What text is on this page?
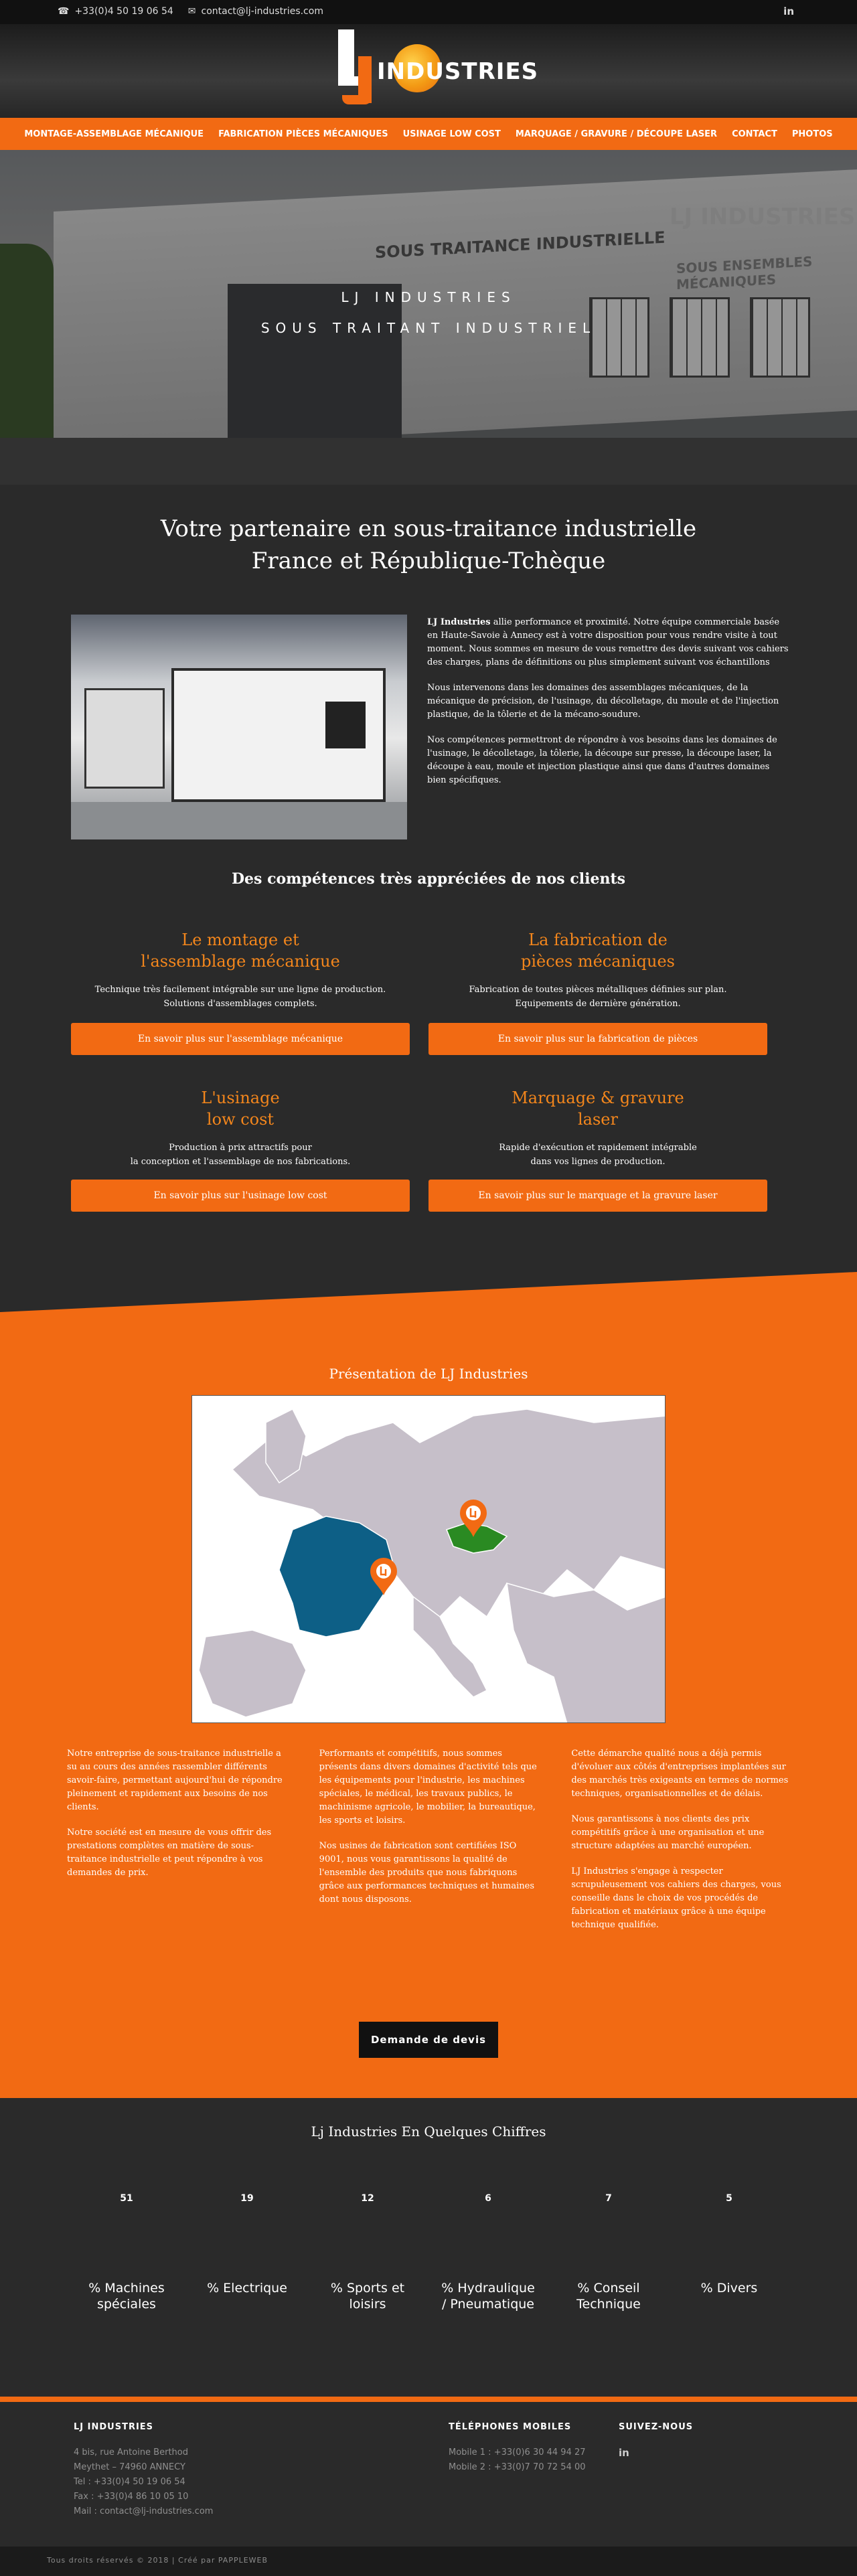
☎ +33(0)4 50 19 06 54 ✉ contact@lj-industries.com	in
INDUSTRIES
MONTAGE-ASSEMBLAGE MÉCANIQUE FABRICATION PIÈCES MÉCANIQUES USINAGE LOW COST MARQUAGE / GRAVURE / DÉCOUPE LASER CONTACT PHOTOS
LJ INDUSTRIES
SOUS TRAITANCE INDUSTRIELLE
SOUS ENSEMBLES MÉCANIQUES
LJ INDUSTRIES
SOUS TRAITANT INDUSTRIEL
Votre partenaire en sous-traitance industrielle
France et République-Tchèque

LJ Industries allie performance et proximité. Notre équipe commerciale basée en Haute-Savoie à Annecy est à votre disposition pour vous rendre visite à tout moment. Nous sommes en mesure de vous remettre des devis suivant vos cahiers des charges, plans de définitions ou plus simplement suivant vos échantillons

Nous intervenons dans les domaines des assemblages mécaniques, de la mécanique de précision, de l'usinage, du décolletage, du moule et de l'injection plastique, de la tôlerie et de la mécano-soudure.

Nos compétences permettront de répondre à vos besoins dans les domaines de l'usinage, le décolletage, la tôlerie, la découpe sur presse, la découpe laser, la découpe à eau, moule et injection plastique ainsi que dans d'autres domaines bien spécifiques.

Des compétences très appréciées de nos clients
Le montage et
l'assemblage mécanique

Technique très facilement intégrable sur une ligne de production.
Solutions d'assemblages complets.

En savoir plus sur l'assemblage mécanique
La fabrication de
pièces mécaniques

Fabrication de toutes pièces métalliques définies sur plan.
Equipements de dernière génération.

En savoir plus sur la fabrication de pièces
L'usinage
low cost

Production à prix attractifs pour
la conception et l'assemblage de nos fabrications.

En savoir plus sur l'usinage low cost
Marquage & gravure
laser

Rapide d'exécution et rapidement intégrable
dans vos lignes de production.

En savoir plus sur le marquage et la gravure laser
Présentation de LJ Industries

Notre entreprise de sous-traitance industrielle a su au cours des années rassembler différents savoir-faire, permettant aujourd'hui de répondre pleinement et rapidement aux besoins de nos clients.

Notre société est en mesure de vous offrir des prestations complètes en matière de sous-traitance industrielle et peut répondre à vos demandes de prix.

Performants et compétitifs, nous sommes présents dans divers domaines d'activité tels que les équipements pour l'industrie, les machines spéciales, le médical, les travaux publics, le machinisme agricole, le mobilier, la bureautique, les sports et loisirs.

Nos usines de fabrication sont certifiées ISO 9001, nous vous garantissons la qualité de l'ensemble des produits que nous fabriquons grâce aux performances techniques et humaines dont nous disposons.

Cette démarche qualité nous a déjà permis d'évoluer aux côtés d'entreprises implantées sur des marchés très exigeants en termes de normes techniques, organisationnelles et de délais.

Nous garantissons à nos clients des prix compétitifs grâce à une organisation et une structure adaptées au marché européen.

LJ Industries s'engage à respecter scrupuleusement vos cahiers des charges, vous conseille dans le choix de vos procédés de fabrication et matériaux grâce à une équipe technique qualifiée.

Demande de devis
Lj Industries En Quelques Chiffres
51
% Machines
spéciales
19
% Electrique

12
% Sports et
loisirs
6
% Hydraulique
/ Pneumatique
7
% Conseil
Technique
5
% Divers

LJ INDUSTRIES
4 bis, rue Antoine Berthod
Meythet – 74960 ANNECY
Tel : +33(0)4 50 19 06 54
Fax : +33(0)4 86 10 05 10
Mail : contact@lj-industries.com
TÉLÉPHONES MOBILES
Mobile 1 : +33(0)6 30 44 94 27
Mobile 2 : +33(0)7 70 72 54 00
SUIVEZ-NOUS
in
Tous droits réservés © 2018 | Créé par PAPPLEWEB
